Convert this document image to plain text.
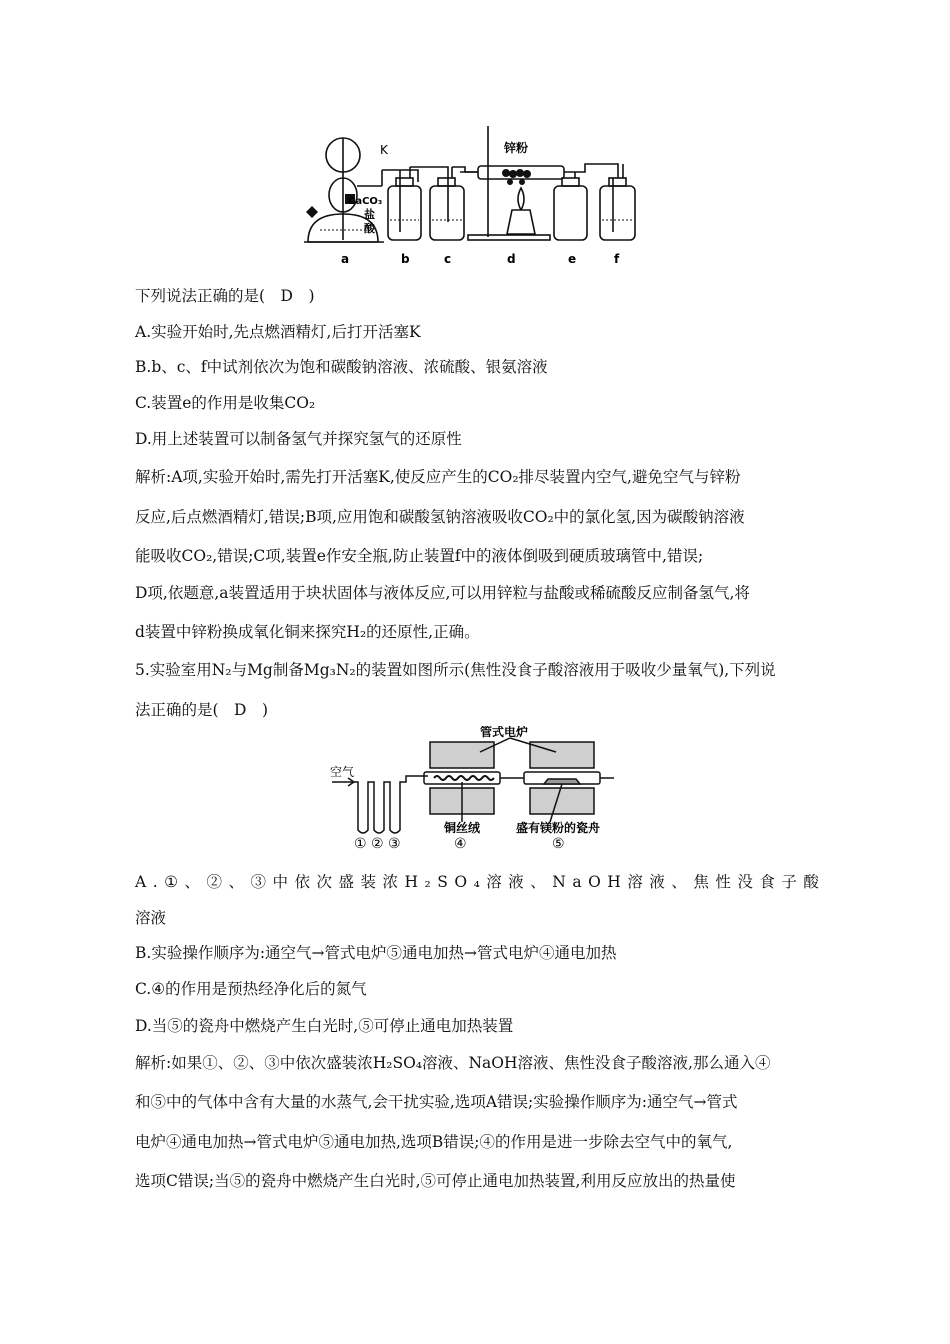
K	锌粉
CaCO₃
盐
酸
a	b	c	d	e	f
下列说法正确的是(　D　)
A.实验开始时,先点燃酒精灯,后打开活塞K
B.b、c、f中试剂依次为饱和碳酸钠溶液、浓硫酸、银氨溶液
C.装置e的作用是收集CO₂
D.用上述装置可以制备氢气并探究氢气的还原性
解析:A项,实验开始时,需先打开活塞K,使反应产生的CO₂排尽装置内空气,避免空气与锌粉
反应,后点燃酒精灯,错误;B项,应用饱和碳酸氢钠溶液吸收CO₂中的氯化氢,因为碳酸钠溶液
能吸收CO₂,错误;C项,装置e作安全瓶,防止装置f中的液体倒吸到硬质玻璃管中,错误;
D项,依题意,a装置适用于块状固体与液体反应,可以用锌粒与盐酸或稀硫酸反应制备氢气,将
d装置中锌粉换成氧化铜来探究H₂的还原性,正确。
5.实验室用N₂与Mg制备Mg₃N₂的装置如图所示(焦性没食子酸溶液用于吸收少量氧气),下列说
法正确的是(　D　)
空气
管式电炉
① ② ③
铜丝绒
④
盛有镁粉的瓷舟
⑤
A.①、②、③中依次盛装浓H₂SO₄溶液、NaOH溶液、焦性没食子酸
溶液
B.实验操作顺序为:通空气→管式电炉⑤通电加热→管式电炉④通电加热
C.④的作用是预热经净化后的氮气
D.当⑤的瓷舟中燃烧产生白光时,⑤可停止通电加热装置
解析:如果①、②、③中依次盛装浓H₂SO₄溶液、NaOH溶液、焦性没食子酸溶液,那么通入④
和⑤中的气体中含有大量的水蒸气,会干扰实验,选项A错误;实验操作顺序为:通空气→管式
电炉④通电加热→管式电炉⑤通电加热,选项B错误;④的作用是进一步除去空气中的氧气,
选项C错误;当⑤的瓷舟中燃烧产生白光时,⑤可停止通电加热装置,利用反应放出的热量使
